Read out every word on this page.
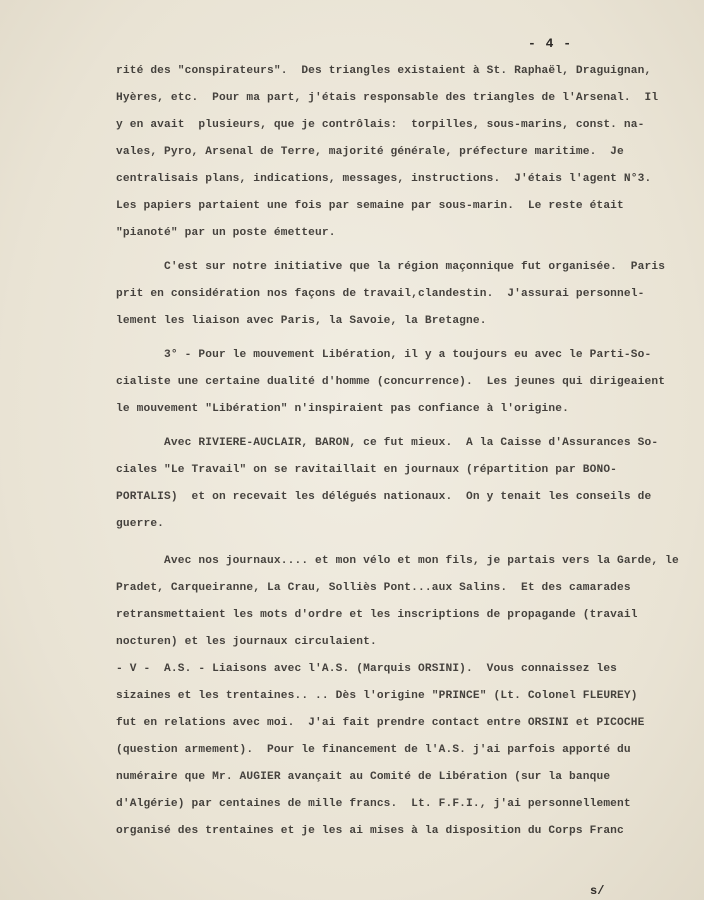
- 4 -
rité des "conspirateurs".  Des triangles existaient à St. Raphaël, Draguignan,
Hyères, etc.  Pour ma part, j'étais responsable des triangles de l'Arsenal.  Il
y en avait  plusieurs, que je contrôlais:  torpilles, sous-marins, const. na-
vales, Pyro, Arsenal de Terre, majorité générale, préfecture maritime.  Je
centralisais plans, indications, messages, instructions.  J'étais l'agent N°3.
Les papiers partaient une fois par semaine par sous-marin.  Le reste était
"pianoté" par un poste émetteur.
C'est sur notre initiative que la région maçonnique fut organisée.  Paris
prit en considération nos façons de travail,clandestin.  J'assurai personnel-
lement les liaison avec Paris, la Savoie, la Bretagne.
3° - Pour le mouvement Libération, il y a toujours eu avec le Parti-So-
cialiste une certaine dualité d'homme (concurrence).  Les jeunes qui dirigeaient
le mouvement "Libération" n'inspiraient pas confiance à l'origine.
Avec RIVIERE-AUCLAIR, BARON, ce fut mieux.  A la Caisse d'Assurances So-
ciales "Le Travail" on se ravitaillait en journaux (répartition par BONO-
PORTALIS)  et on recevait les délégués nationaux.  On y tenait les conseils de
guerre.
Avec nos journaux.... et mon vélo et mon fils, je partais vers la Garde, le
Pradet, Carqueiranne, La Crau, Solliès Pont...aux Salins.  Et des camarades
retransmettaient les mots d'ordre et les inscriptions de propagande (travail
nocturen) et les journaux circulaient.
- V -  A.S. - Liaisons avec l'A.S. (Marquis ORSINI).  Vous connaissez les
sizaines et les trentaines.. .. Dès l'origine "PRINCE" (Lt. Colonel FLEUREY)
fut en relations avec moi.  J'ai fait prendre contact entre ORSINI et PICOCHE
(question armement).  Pour le financement de l'A.S. j'ai parfois apporté du
numéraire que Mr. AUGIER avançait au Comité de Libération (sur la banque
d'Algérie) par centaines de mille francs.  Lt. F.F.I., j'ai personnellement
organisé des trentaines et je les ai mises à la disposition du Corps Franc
s/
